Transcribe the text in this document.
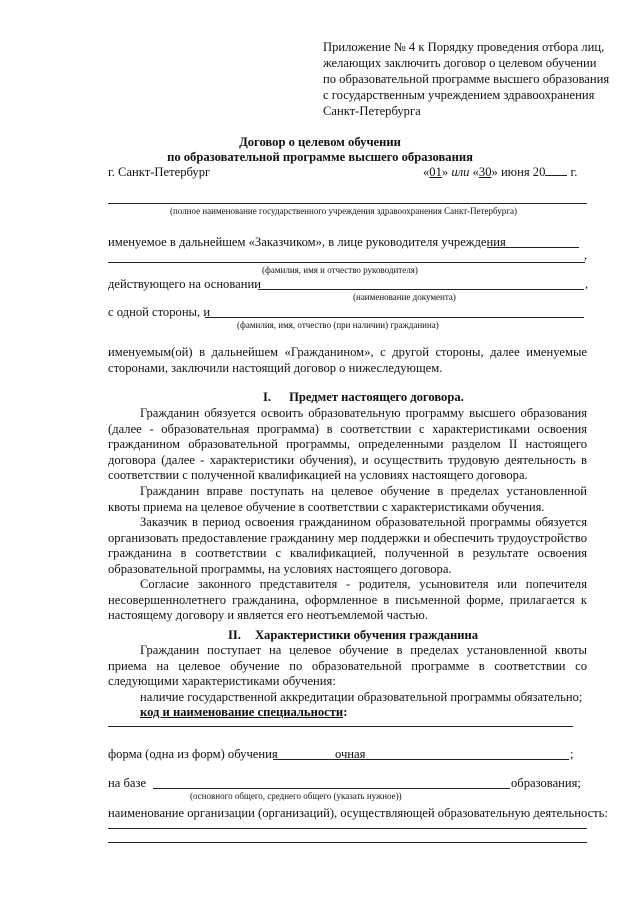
Приложение № 4 к Порядку проведения отбора лиц,
желающих заключить договор о целевом обучении
по образовательной программе высшего образования
с государственным учреждением здравоохранения
Санкт-Петербурга
Договор о целевом обучении
по образовательной программе высшего образования
г. Санкт-Петербург	«01» или «30» июня 20 г.
(полное наименование государственного учреждения здравоохранения Санкт-Петербурга)
именуемое в дальнейшем «Заказчиком», в лице руководителя учреждения
,
(фамилия, имя и отчество руководителя)
действующего на основании	,
(наименование документа)
с одной стороны, и
(фамилия, имя, отчество (при наличии) гражданина)
именуемым(ой) в дальнейшем «Гражданином», с другой стороны, далее именуемые сторонами, заключили настоящий договор о нижеследующем.
I. Предмет настоящего договора.
Гражданин обязуется освоить образовательную программу высшего образования (далее - образовательная программа) в соответствии с характеристиками освоения гражданином образовательной программы, определенными разделом II настоящего договора (далее - характеристики обучения), и осуществить трудовую деятельность в соответствии с полученной квалификацией на условиях настоящего договора.
Гражданин вправе поступать на целевое обучение в пределах установленной квоты приема на целевое обучение в соответствии с характеристиками обучения.
Заказчик в период освоения гражданином образовательной программы обязуется организовать предоставление гражданину мер поддержки и обеспечить трудоустройство гражданина в соответствии с квалификацией, полученной в результате освоения образовательной программы, на условиях настоящего договора.
Согласие законного представителя - родителя, усыновителя или попечителя несовершеннолетнего гражданина, оформленное в письменной форме, прилагается к настоящему договору и является его неотъемлемой частью.
II. Характеристики обучения гражданина
Гражданин поступает на целевое обучение в пределах установленной квоты приема на целевое обучение по образовательной программе в соответствии со следующими характеристиками обучения:
наличие государственной аккредитации образовательной программы обязательно;
код и наименование специальности:
форма (одна из форм) обучения	очная	;
на базе	образования;
(основного общего, среднего общего (указать нужное))
наименование организации (организаций), осуществляющей образовательную деятельность:
